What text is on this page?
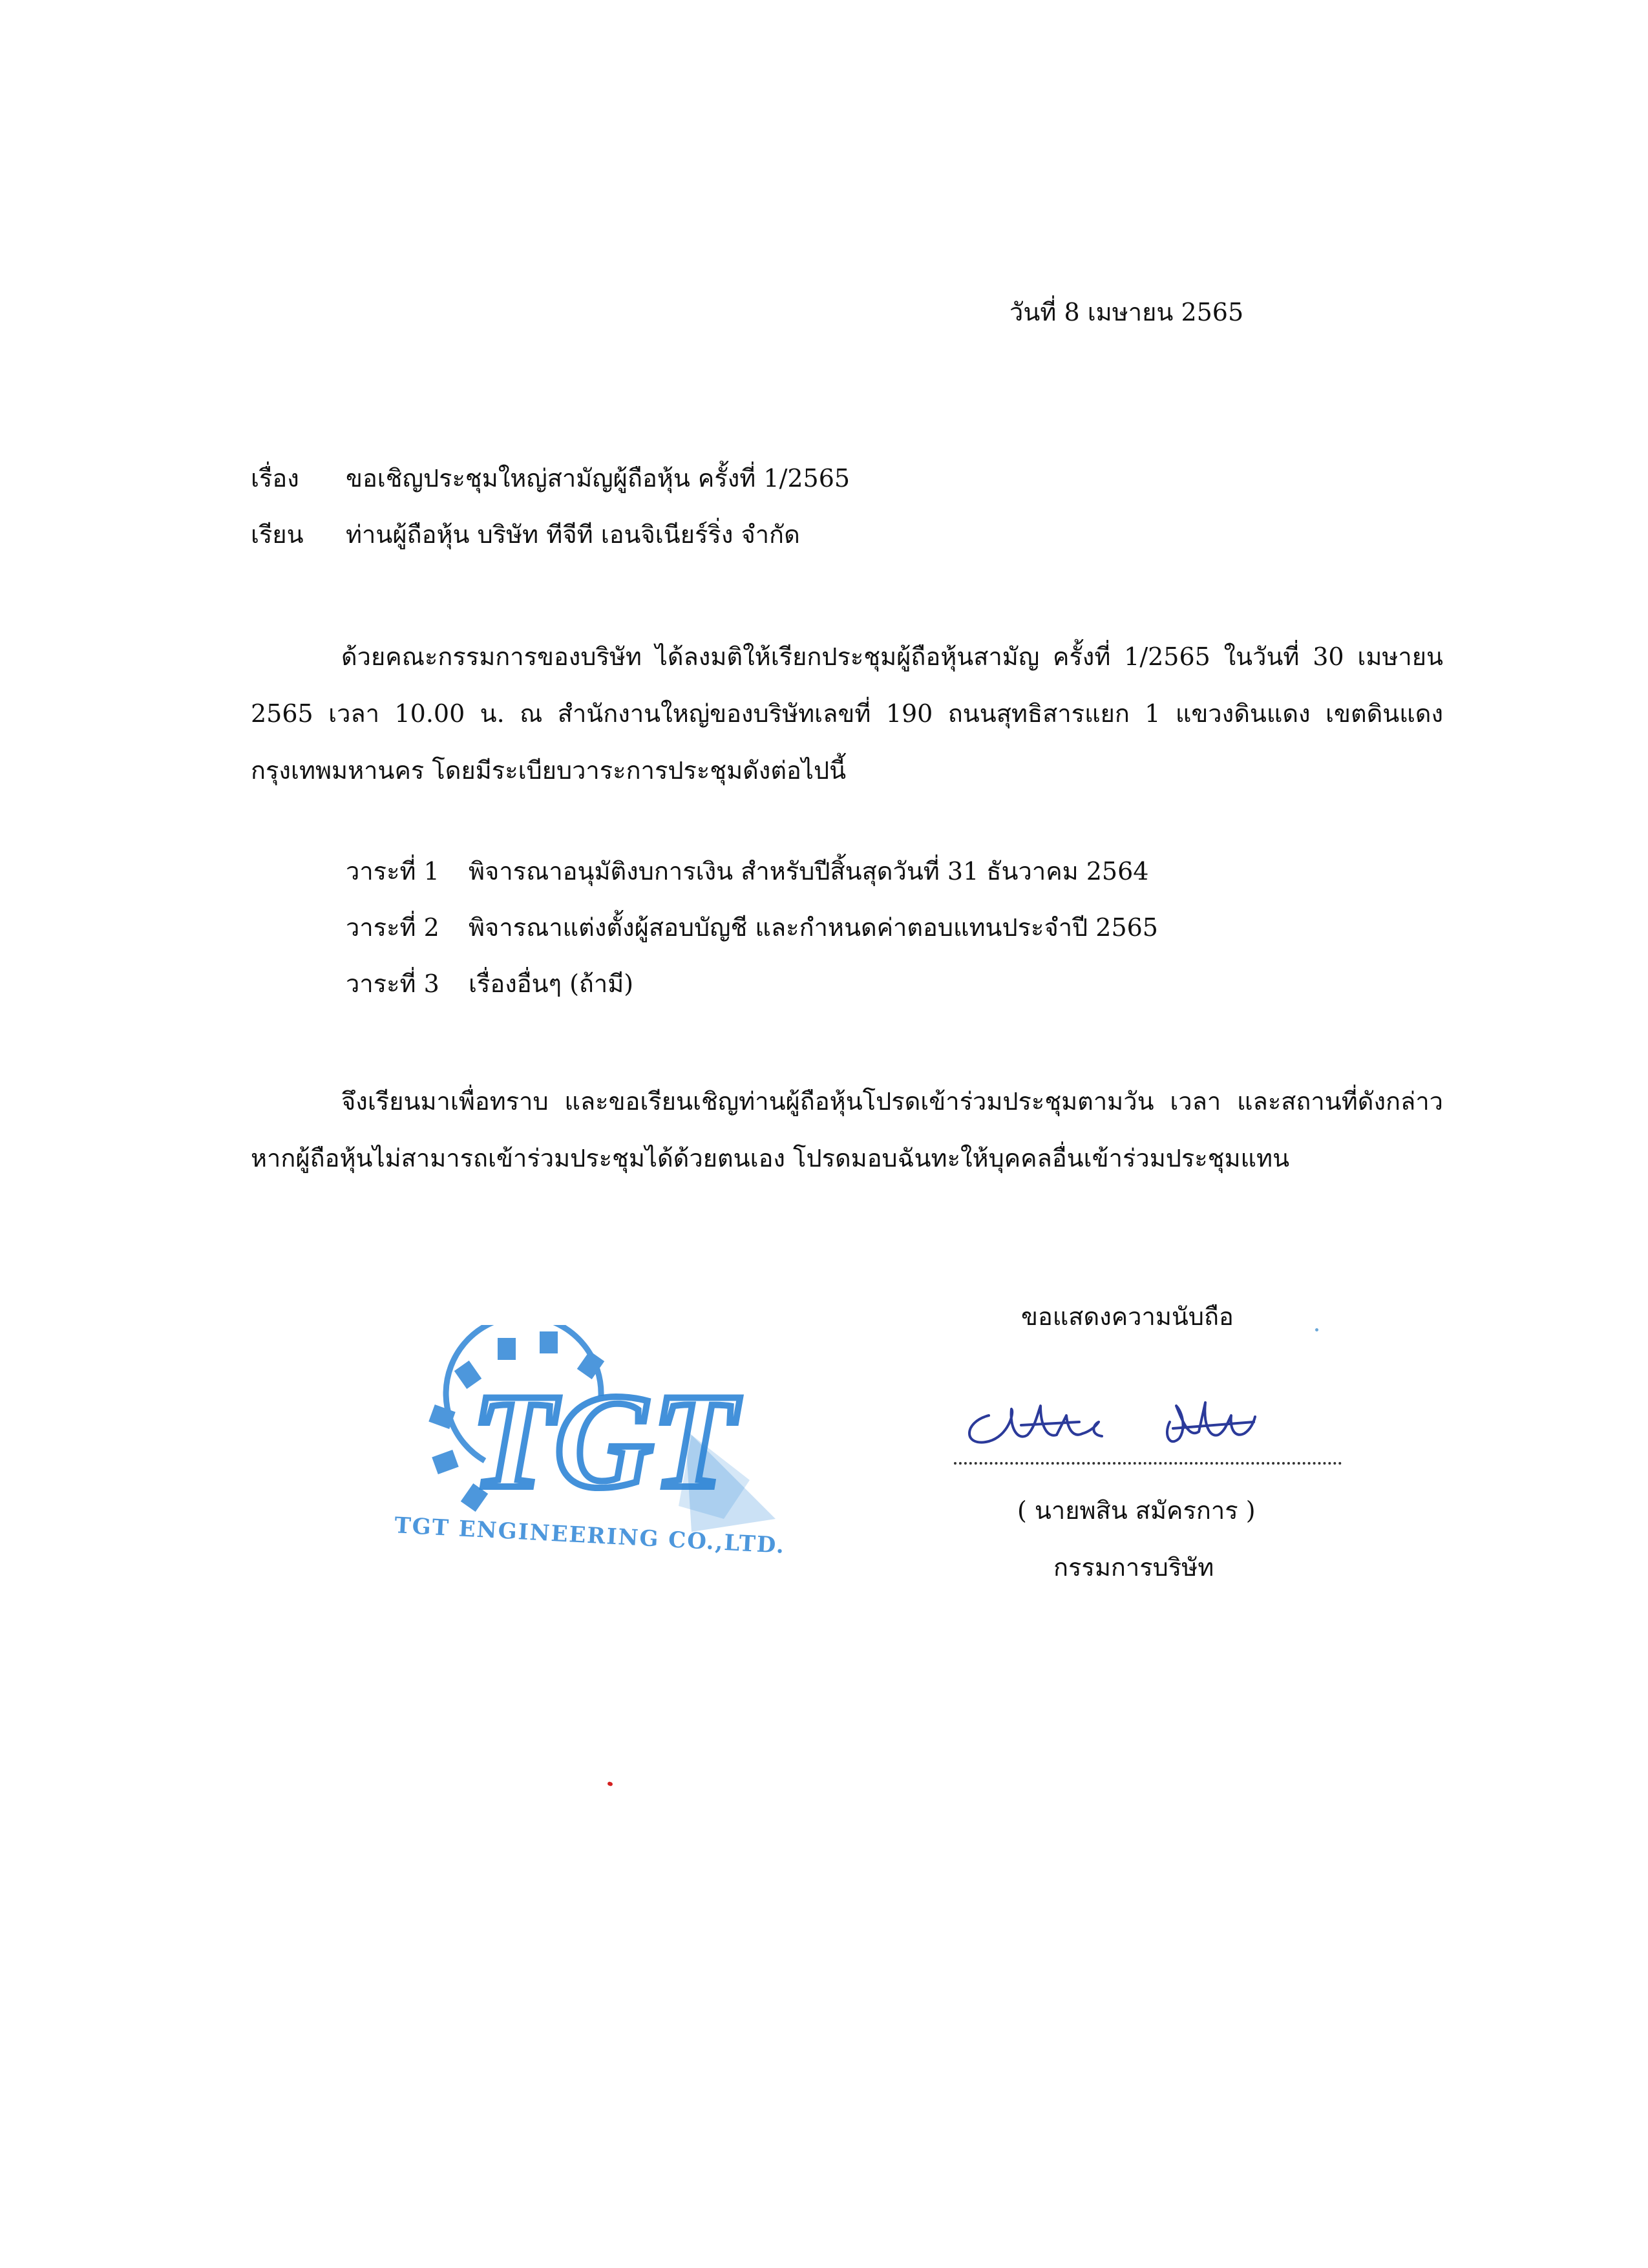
วันที่ 8 เมษายน 2565
เรื่อง	ขอเชิญประชุมใหญ่สามัญผู้ถือหุ้น ครั้งที่ 1/2565
เรียน	ท่านผู้ถือหุ้น บริษัท ทีจีที เอนจิเนียร์ริ่ง จำกัด
ด้วยคณะกรรมการของบริษัท ได้ลงมติให้เรียกประชุมผู้ถือหุ้นสามัญ ครั้งที่ 1/2565 ในวันที่ 30 เมษายน 2565 เวลา 10.00 น. ณ สำนักงานใหญ่ของบริษัทเลขที่ 190 ถนนสุทธิสารแยก 1 แขวงดินแดง เขตดินแดง กรุงเทพมหานคร โดยมีระเบียบวาระการประชุมดังต่อไปนี้
วาระที่ 1 พิจารณาอนุมัติงบการเงิน สำหรับปีสิ้นสุดวันที่ 31 ธันวาคม 2564
วาระที่ 2 พิจารณาแต่งตั้งผู้สอบบัญชี และกำหนดค่าตอบแทนประจำปี 2565
วาระที่ 3 เรื่องอื่นๆ (ถ้ามี)
จึงเรียนมาเพื่อทราบ และขอเรียนเชิญท่านผู้ถือหุ้นโปรดเข้าร่วมประชุมตามวัน เวลา และสถานที่ดังกล่าว หากผู้ถือหุ้นไม่สามารถเข้าร่วมประชุมได้ด้วยตนเอง โปรดมอบฉันทะให้บุคคลอื่นเข้าร่วมประชุมแทน
ขอแสดงความนับถือ
TGT
TGT ENGINEERING CO.,LTD.
( นายพสิน สมัครการ )
กรรมการบริษัท
